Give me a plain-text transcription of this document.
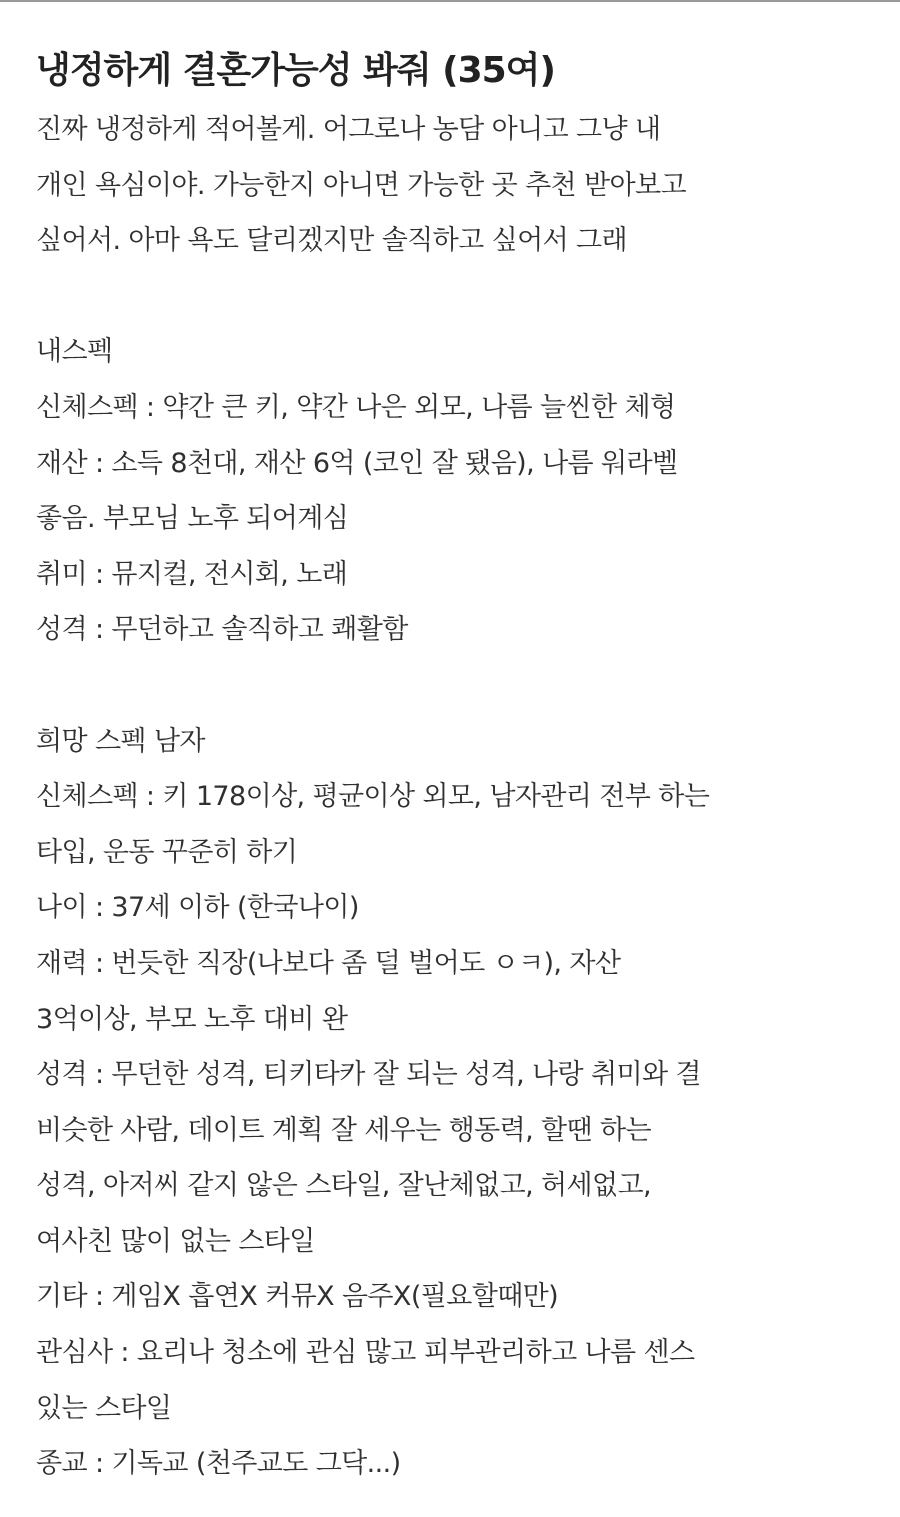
냉정하게 결혼가능성 봐줘 (35여)
진짜 냉정하게 적어볼게. 어그로나 농담 아니고 그냥 내
개인 욕심이야. 가능한지 아니면 가능한 곳 추천 받아보고
싶어서. 아마 욕도 달리겠지만 솔직하고 싶어서 그래
내스펙
신체스펙 : 약간 큰 키, 약간 나은 외모, 나름 늘씬한 체형
재산 : 소득 8천대, 재산 6억 (코인 잘 됐음), 나름 워라벨
좋음. 부모님 노후 되어계심
취미 : 뮤지컬, 전시회, 노래
성격 : 무던하고 솔직하고 쾌활함
희망 스펙 남자
신체스펙 : 키 178이상, 평균이상 외모, 남자관리 전부 하는
타입, 운동 꾸준히 하기
나이 : 37세 이하 (한국나이)
재력 : 번듯한 직장(나보다 좀 덜 벌어도 ㅇㅋ), 자산
3억이상, 부모 노후 대비 완
성격 : 무던한 성격, 티키타카 잘 되는 성격, 나랑 취미와 결
비슷한 사람, 데이트 계획 잘 세우는 행동력, 할땐 하는
성격, 아저씨 같지 않은 스타일, 잘난체없고, 허세없고,
여사친 많이 없는 스타일
기타 : 게임X 흡연X 커뮤X 음주X(필요할때만)
관심사 : 요리나 청소에 관심 많고 피부관리하고 나름 센스
있는 스타일
종교 : 기독교 (천주교도 그닥...)
